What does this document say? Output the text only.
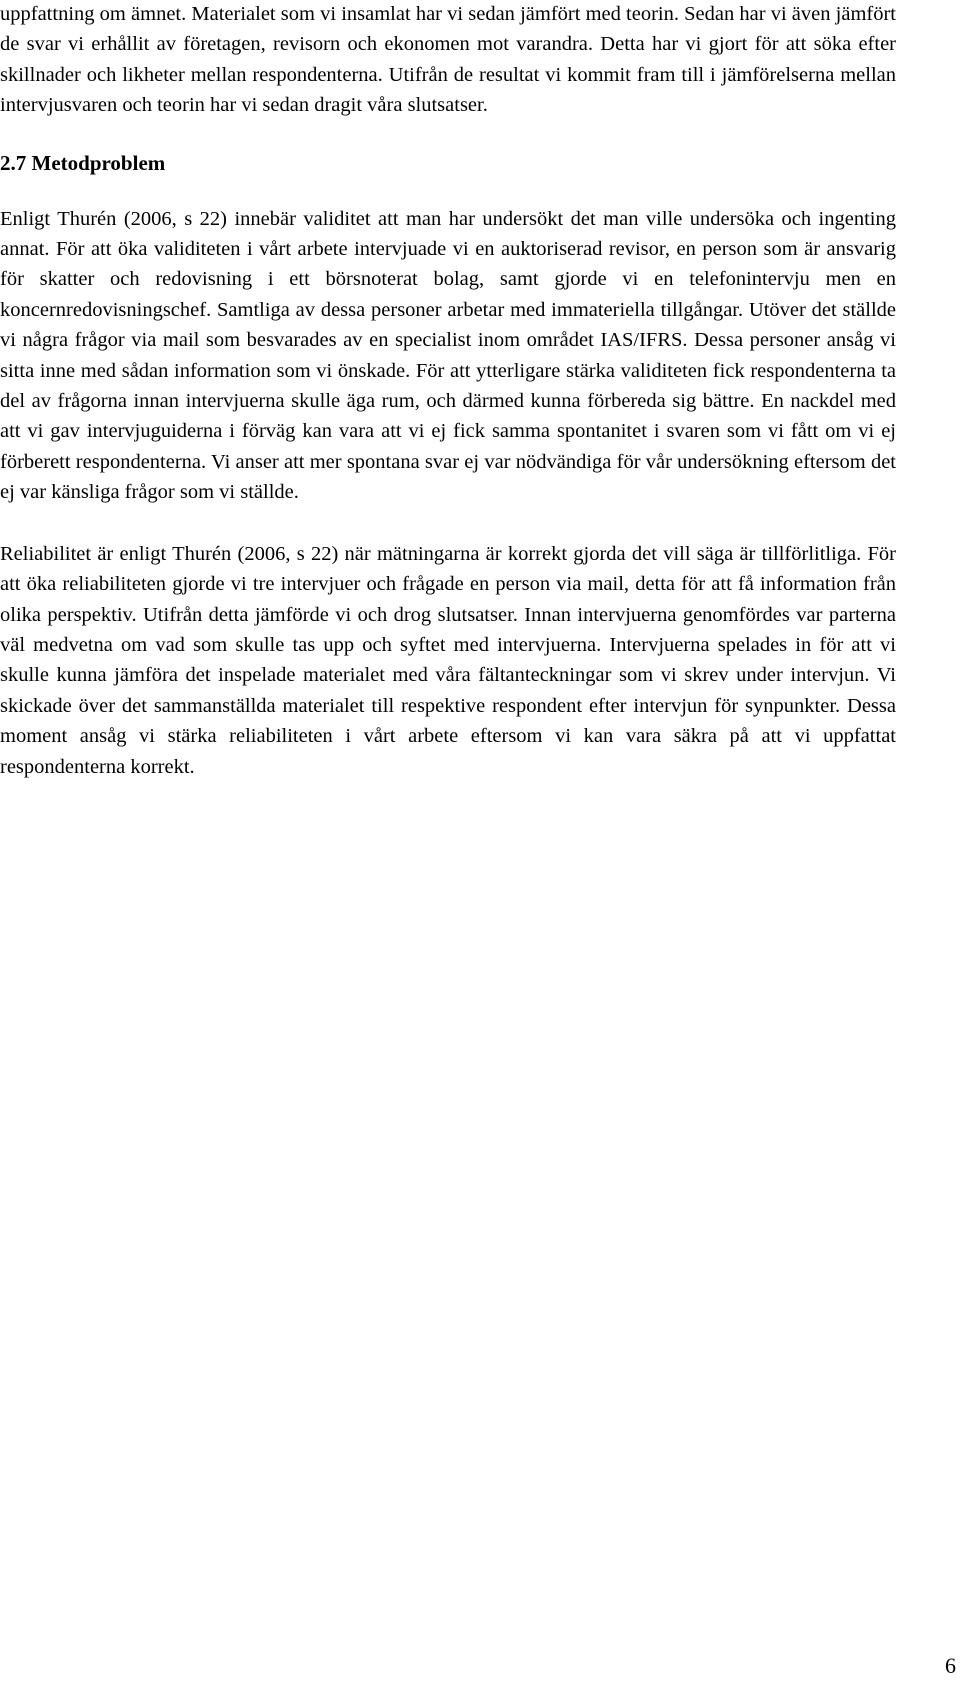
uppfattning om ämnet. Materialet som vi insamlat har vi sedan jämfört med teorin. Sedan har vi även jämfört de svar vi erhållit av företagen, revisorn och ekonomen mot varandra. Detta har vi gjort för att söka efter skillnader och likheter mellan respondenterna. Utifrån de resultat vi kommit fram till i jämförelserna mellan intervjusvaren och teorin har vi sedan dragit våra slutsatser.

2.7 Metodproblem

Enligt Thurén (2006, s 22) innebär validitet att man har undersökt det man ville undersöka och ingenting annat. För att öka validiteten i vårt arbete intervjuade vi en auktoriserad revisor, en person som är ansvarig för skatter och redovisning i ett börsnoterat bolag, samt gjorde vi en telefonintervju men en koncernredovisningschef. Samtliga av dessa personer arbetar med immateriella tillgångar. Utöver det ställde vi några frågor via mail som besvarades av en specialist inom området IAS/IFRS. Dessa personer ansåg vi sitta inne med sådan information som vi önskade. För att ytterligare stärka validiteten fick respondenterna ta del av frågorna innan intervjuerna skulle äga rum, och därmed kunna förbereda sig bättre. En nackdel med att vi gav intervjuguiderna i förväg kan vara att vi ej fick samma spontanitet i svaren som vi fått om vi ej förberett respondenterna. Vi anser att mer spontana svar ej var nödvändiga för vår undersökning eftersom det ej var känsliga frågor som vi ställde.

Reliabilitet är enligt Thurén (2006, s 22) när mätningarna är korrekt gjorda det vill säga är tillförlitliga. För att öka reliabiliteten gjorde vi tre intervjuer och frågade en person via mail, detta för att få information från olika perspektiv. Utifrån detta jämförde vi och drog slutsatser. Innan intervjuerna genomfördes var parterna väl medvetna om vad som skulle tas upp och syftet med intervjuerna. Intervjuerna spelades in för att vi skulle kunna jämföra det inspelade materialet med våra fältanteckningar som vi skrev under intervjun. Vi skickade över det sammanställda materialet till respektive respondent efter intervjun för synpunkter. Dessa moment ansåg vi stärka reliabiliteten i vårt arbete eftersom vi kan vara säkra på att vi uppfattat respondenterna korrekt.

6
